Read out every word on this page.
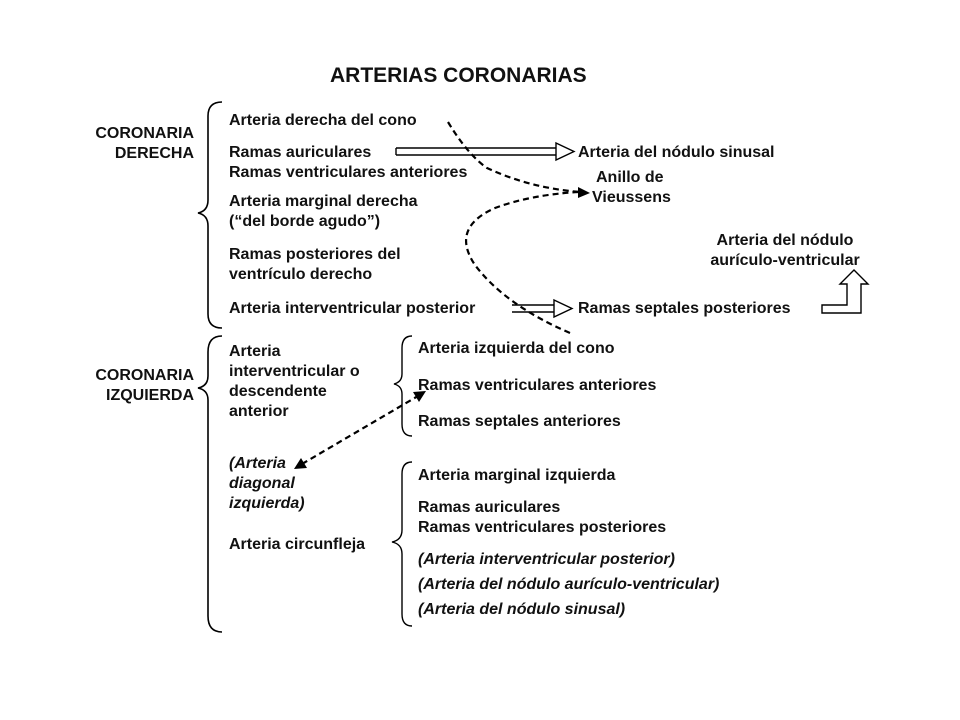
ARTERIAS CORONARIAS
CORONARIA
DERECHA
Arteria derecha del cono
Ramas auriculares
Ramas ventriculares anteriores
Arteria marginal derecha
(“del borde agudo”)
Ramas posteriores del
ventrículo derecho
Arteria interventricular posterior
Arteria del nódulo sinusal
Anillo de
Vieussens
Arteria del nódulo
aurículo-ventricular
Ramas septales posteriores
CORONARIA
IZQUIERDA
Arteria
interventricular o
descendente
anterior
Arteria izquierda del cono
Ramas ventriculares anteriores
Ramas septales anteriores
(Arteria
diagonal
izquierda)
Arteria circunfleja
Arteria marginal izquierda
Ramas auriculares
Ramas ventriculares posteriores
(Arteria interventricular posterior)
(Arteria del nódulo aurículo-ventricular)
(Arteria del nódulo sinusal)
